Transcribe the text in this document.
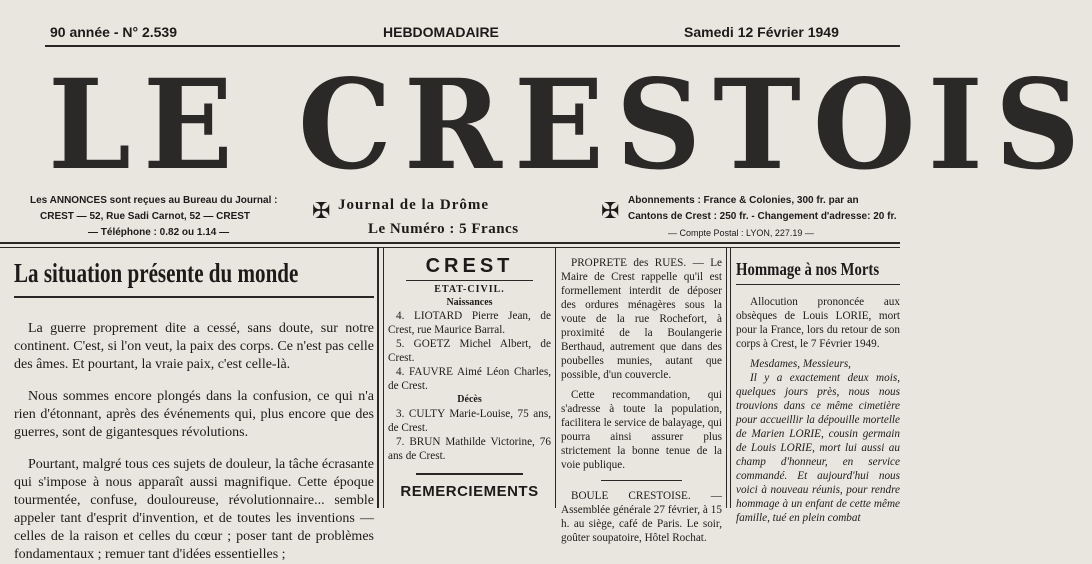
90 année - N° 2.539	HEBDOMADAIRE	Samedi 12 Février 1949
LE CRESTOIS
Les ANNONCES sont reçues au Bureau du Journal :
CREST — 52, Rue Sadi Carnot, 52 — CREST
— Téléphone : 0.82 ou 1.14 —
✠ Journal de la Drôme
Le Numéro : 5 Francs
✠ Abonnements : France & Colonies, 300 fr. par an
Cantons de Crest : 250 fr. - Changement d'adresse: 20 fr.
— Compte Postal : LYON, 227.19 —
La situation présente du monde

La guerre proprement dite a cessé, sans doute, sur notre continent. C'est, si l'on veut, la paix des corps. Ce n'est pas celle des âmes. Et pourtant, la vraie paix, c'est celle-là.

Nous sommes encore plongés dans la confusion, ce qui n'a rien d'étonnant, après des événements qui, plus encore que des guerres, sont de gigantesques révolutions.

Pourtant, malgré tous ces sujets de douleur, la tâche écrasante qui s'impose à nous apparaît aussi magnifique. Cette époque tourmentée, confuse, douloureuse, révolutionnaire... semble appeler tant d'esprit d'invention, et de toutes les inventions — celles de la raison et celles du cœur ; poser tant de problèmes fondamentaux ; remuer tant d'idées essentielles ;

CREST
ETAT-CIVIL.
Naissances

4. LIOTARD Pierre Jean, de Crest, rue Maurice Barral.

5. GOETZ Michel Albert, de Crest.

4. FAUVRE Aimé Léon Charles, de Crest.

Décès

3. CULTY Marie-Louise, 75 ans, de Crest.

7. BRUN Mathilde Victorine, 76 ans de Crest.

REMERCIEMENTS

PROPRETE des RUES. — Le Maire de Crest rappelle qu'il est formellement interdit de déposer des ordures ménagères sous la voute de la rue Rochefort, à proximité de la Boulangerie Berthaud, autrement que dans des poubelles munies, autant que possible, d'un couvercle.

Cette recommandation, qui s'adresse à toute la population, facilitera le service de balayage, qui pourra ainsi assurer plus strictement la bonne tenue de la voie publique.

BOULE CRESTOISE. — Assemblée générale 27 février, à 15 h. au siège, café de Paris. Le soir, goûter soupatoire, Hôtel Rochat.

Hommage à nos Morts

Allocution prononcée aux obsèques de Louis LORIE, mort pour la France, lors du retour de son corps à Crest, le 7 Février 1949.

Mesdames, Messieurs,

Il y a exactement deux mois, quelques jours près, nous nous trouvions dans ce même cimetière pour accueillir la dépouille mortelle de Marien LORIE, cousin germain de Louis LORIE, mort lui aussi au champ d'honneur, en service commandé. Et aujourd'hui nous voici à nouveau réunis, pour rendre hommage à un enfant de cette même famille, tué en plein combat
